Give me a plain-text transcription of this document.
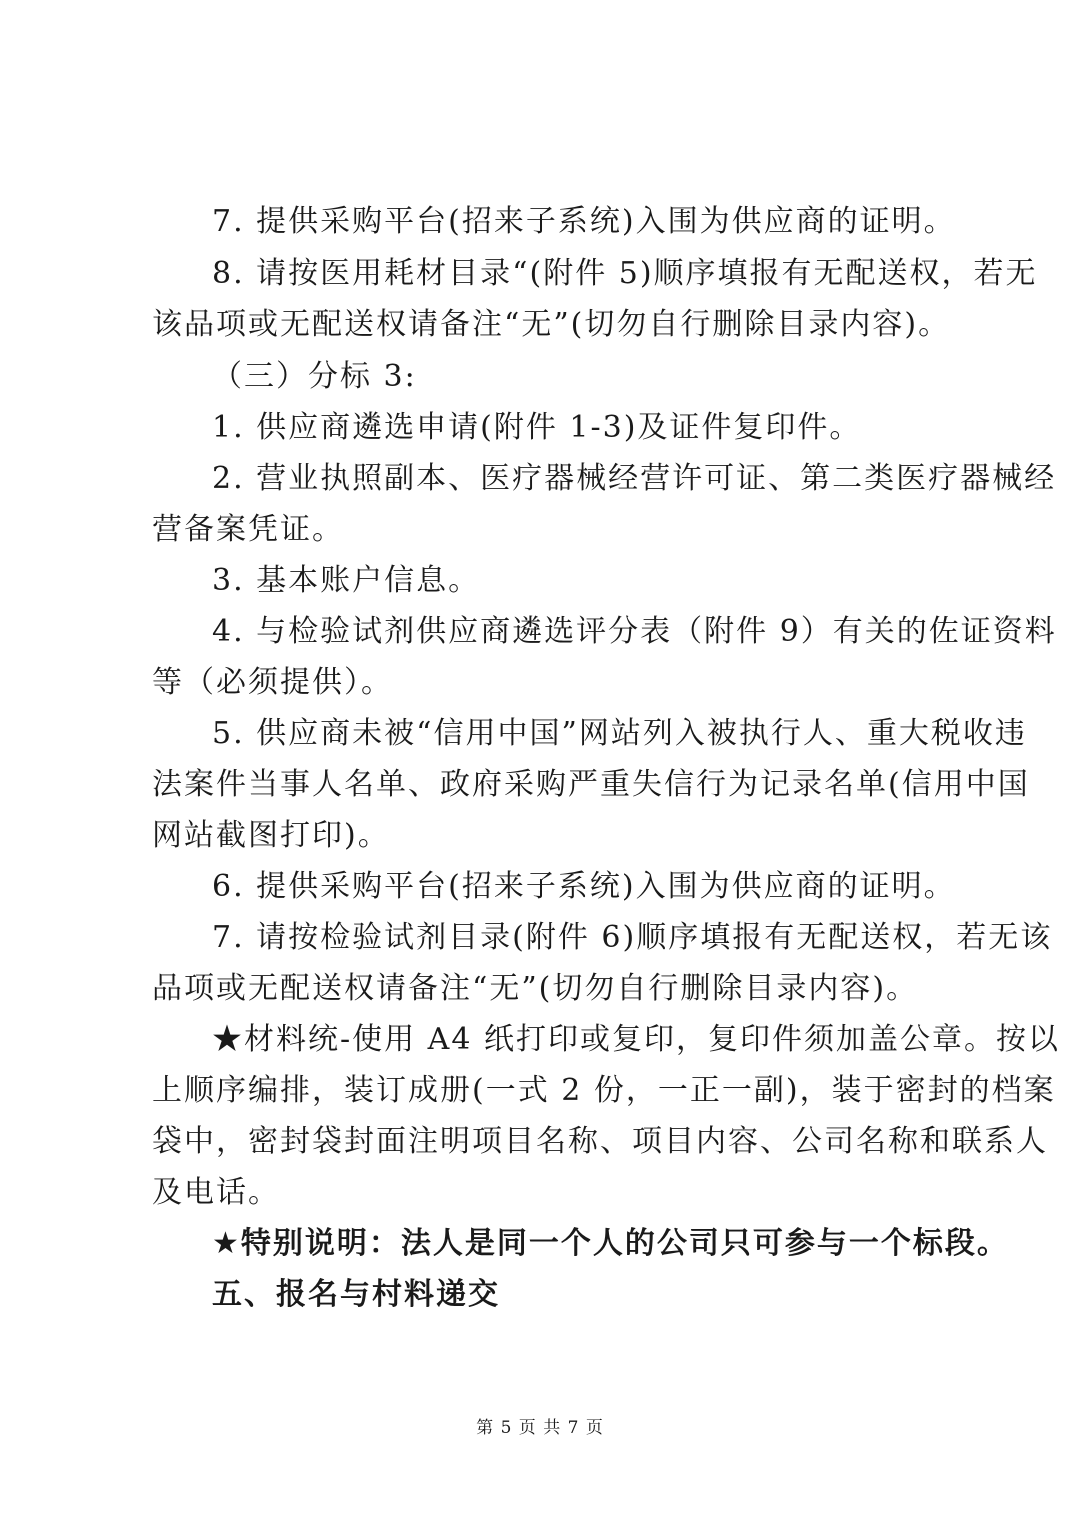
7. 提供采购平台(招来子系统)入围为供应商的证明。
8. 请按医用耗材目录“(附件 5)顺序填报有无配送权，若无
该品项或无配送权请备注“无”(切勿自行删除目录内容)。
（三）分标 3:
1. 供应商遴选申请(附件 1-3)及证件复印件。
2. 营业执照副本、医疗器械经营许可证、第二类医疗器械经
营备案凭证。
3. 基本账户信息。
4. 与检验试剂供应商遴选评分表（附件 9）有关的佐证资料
等（必须提供）。
5. 供应商未被“信用中国”网站列入被执行人、重大税收违
法案件当事人名单、政府采购严重失信行为记录名单(信用中国
网站截图打印)。
6. 提供采购平台(招来子系统)入围为供应商的证明。
7. 请按检验试剂目录(附件 6)顺序填报有无配送权，若无该
品项或无配送权请备注“无”(切勿自行删除目录内容)。
★材料统-使用 A4 纸打印或复印，复印件须加盖公章。按以
上顺序编排，装订成册(一式 2 份，一正一副)，装于密封的档案
袋中，密封袋封面注明项目名称、项目内容、公司名称和联系人
及电话。
★特别说明：法人是同一个人的公司只可参与一个标段。
五、报名与村料递交
第 5 页 共 7 页
